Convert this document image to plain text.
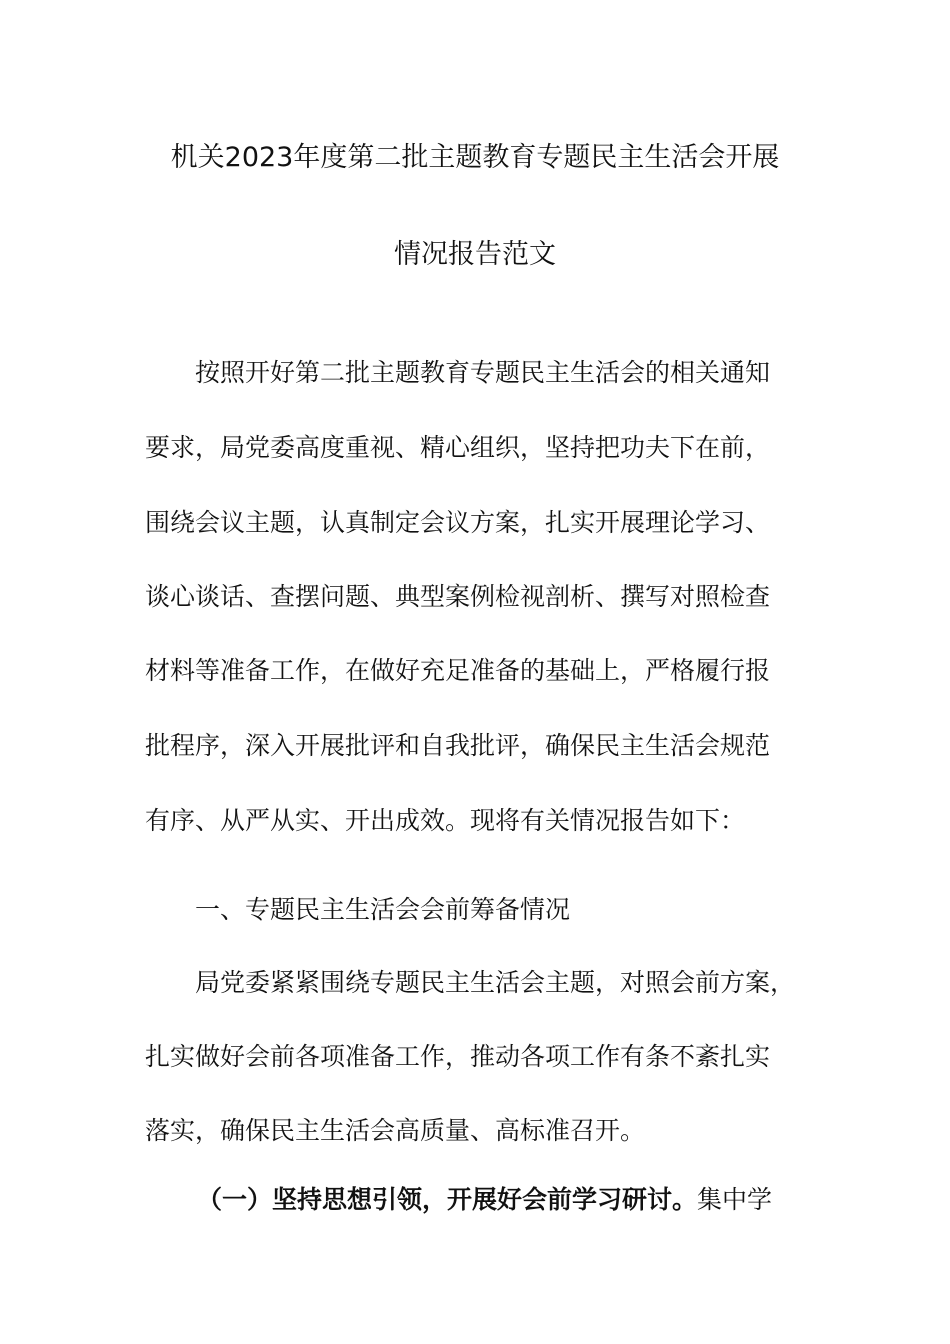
机关2023年度第二批主题教育专题民主生活会开展
情况报告范文
按照开好第二批主题教育专题民主生活会的相关通知
要求，局党委高度重视、精心组织，坚持把功夫下在前，
围绕会议主题，认真制定会议方案，扎实开展理论学习、
谈心谈话、查摆问题、典型案例检视剖析、撰写对照检查
材料等准备工作，在做好充足准备的基础上，严格履行报
批程序，深入开展批评和自我批评，确保民主生活会规范
有序、从严从实、开出成效。现将有关情况报告如下：
一、专题民主生活会会前筹备情况
局党委紧紧围绕专题民主生活会主题，对照会前方案，
扎实做好会前各项准备工作，推动各项工作有条不紊扎实
落实，确保民主生活会高质量、高标准召开。
（一）坚持思想引领，开展好会前学习研讨。集中学
